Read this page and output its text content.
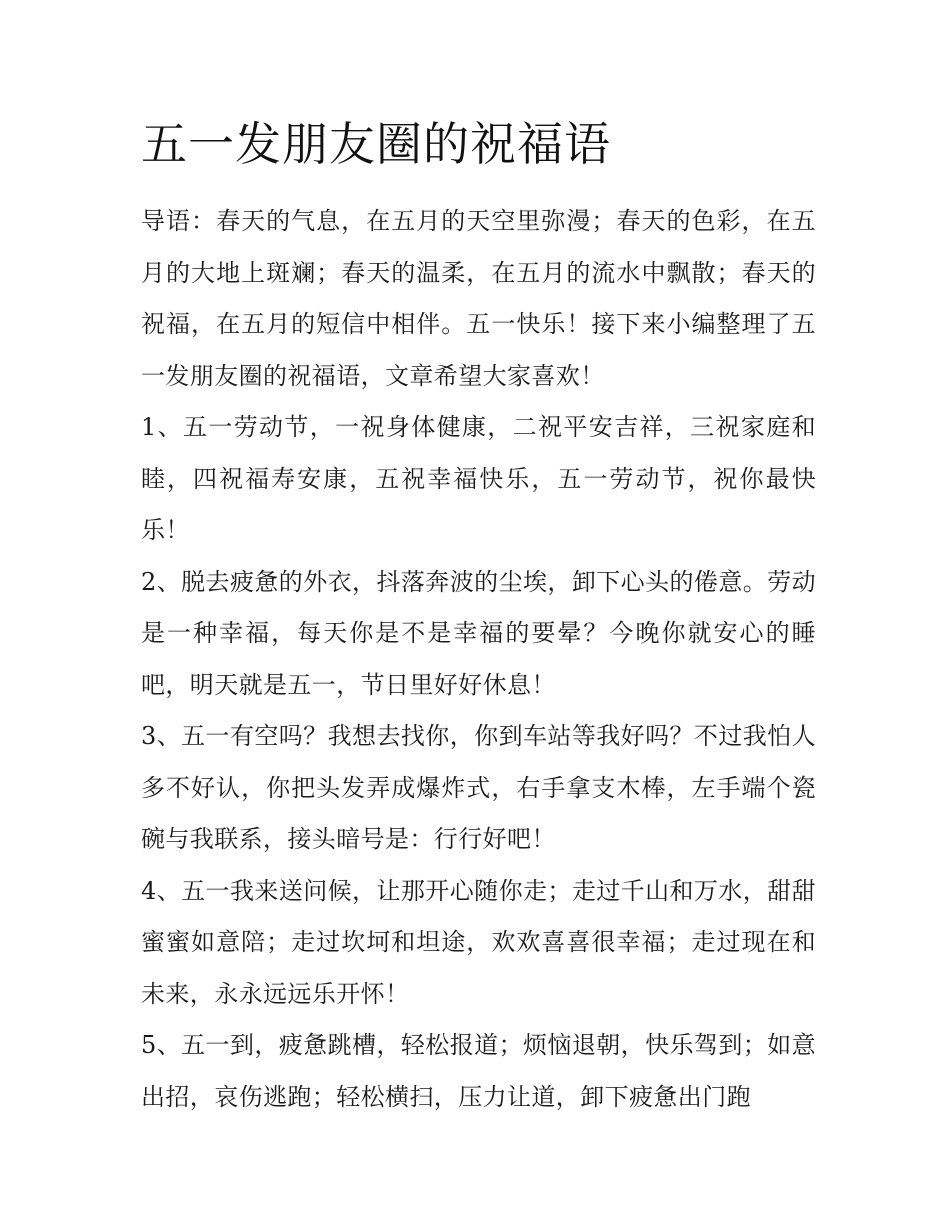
五一发朋友圈的祝福语

导语：春天的气息，在五月的天空里弥漫；春天的色彩，在五月的大地上斑斓；春天的温柔，在五月的流水中飘散；春天的祝福，在五月的短信中相伴。五一快乐！接下来小编整理了五一发朋友圈的祝福语，文章希望大家喜欢！

1、五一劳动节，一祝身体健康，二祝平安吉祥，三祝家庭和睦，四祝福寿安康，五祝幸福快乐，五一劳动节，祝你最快乐！

2、脱去疲惫的外衣，抖落奔波的尘埃，卸下心头的倦意。劳动是一种幸福，每天你是不是幸福的要晕？今晚你就安心的睡吧，明天就是五一，节日里好好休息！

3、五一有空吗？我想去找你，你到车站等我好吗？不过我怕人多不好认，你把头发弄成爆炸式，右手拿支木棒，左手端个瓷碗与我联系，接头暗号是：行行好吧！

4、五一我来送问候，让那开心随你走；走过千山和万水，甜甜蜜蜜如意陪；走过坎坷和坦途，欢欢喜喜很幸福；走过现在和未来，永永远远乐开怀！

5、五一到，疲惫跳槽，轻松报道；烦恼退朝，快乐驾到；如意出招，哀伤逃跑；轻松横扫，压力让道，卸下疲惫出门跑
